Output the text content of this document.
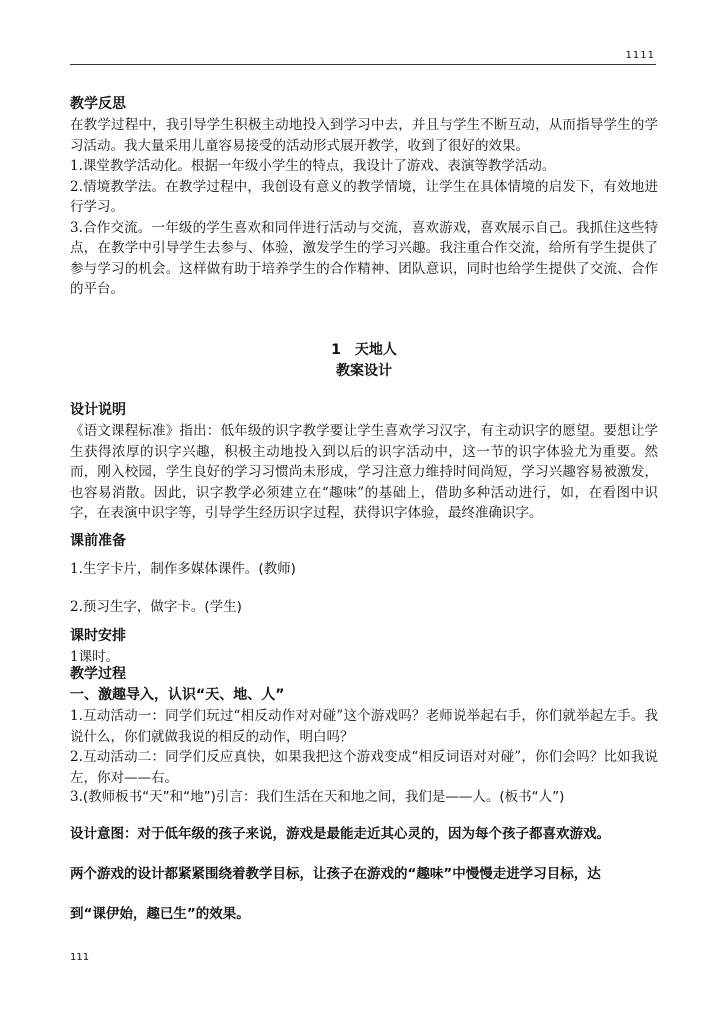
1111

教学反思

在教学过程中，我引导学生积极主动地投入到学习中去，并且与学生不断互动，从而指导学生的学习活动。我大量采用儿童容易接受的活动形式展开教学，收到了很好的效果。

1.课堂教学活动化。根据一年级小学生的特点，我设计了游戏、表演等教学活动。

2.情境教学法。在教学过程中，我创设有意义的教学情境，让学生在具体情境的启发下，有效地进行学习。

3.合作交流。一年级的学生喜欢和同伴进行活动与交流，喜欢游戏，喜欢展示自己。我抓住这些特点，在教学中引导学生去参与、体验，激发学生的学习兴趣。我注重合作交流，给所有学生提供了参与学习的机会。这样做有助于培养学生的合作精神、团队意识，同时也给学生提供了交流、合作的平台。

1　天地人

教案设计

设计说明

《语文课程标准》指出：低年级的识字教学要让学生喜欢学习汉字，有主动识字的愿望。要想让学生获得浓厚的识字兴趣，积极主动地投入到以后的识字活动中，这一节的识字体验尤为重要。然而，刚入校园，学生良好的学习习惯尚未形成，学习注意力维持时间尚短，学习兴趣容易被激发，也容易消散。因此，识字教学必须建立在“趣味”的基础上，借助多种活动进行，如，在看图中识字，在表演中识字等，引导学生经历识字过程，获得识字体验，最终准确识字。

课前准备

1.生字卡片，制作多媒体课件。(教师)

2.预习生字，做字卡。(学生)

课时安排

1课时。

教学过程

一、激趣导入，认识“天、地、人”

1.互动活动一：同学们玩过“相反动作对对碰”这个游戏吗？老师说举起右手，你们就举起左手。我说什么，你们就做我说的相反的动作，明白吗？

2.互动活动二：同学们反应真快，如果我把这个游戏变成“相反词语对对碰”，你们会吗？比如我说左，你对——右。

3.(教师板书“天”和“地”)引言：我们生活在天和地之间，我们是——人。(板书“人”)

设计意图：对于低年级的孩子来说，游戏是最能走近其心灵的，因为每个孩子都喜欢游戏。

两个游戏的设计都紧紧围绕着教学目标，让孩子在游戏的“趣味”中慢慢走进学习目标，达

到“课伊始，趣已生”的效果。

111
